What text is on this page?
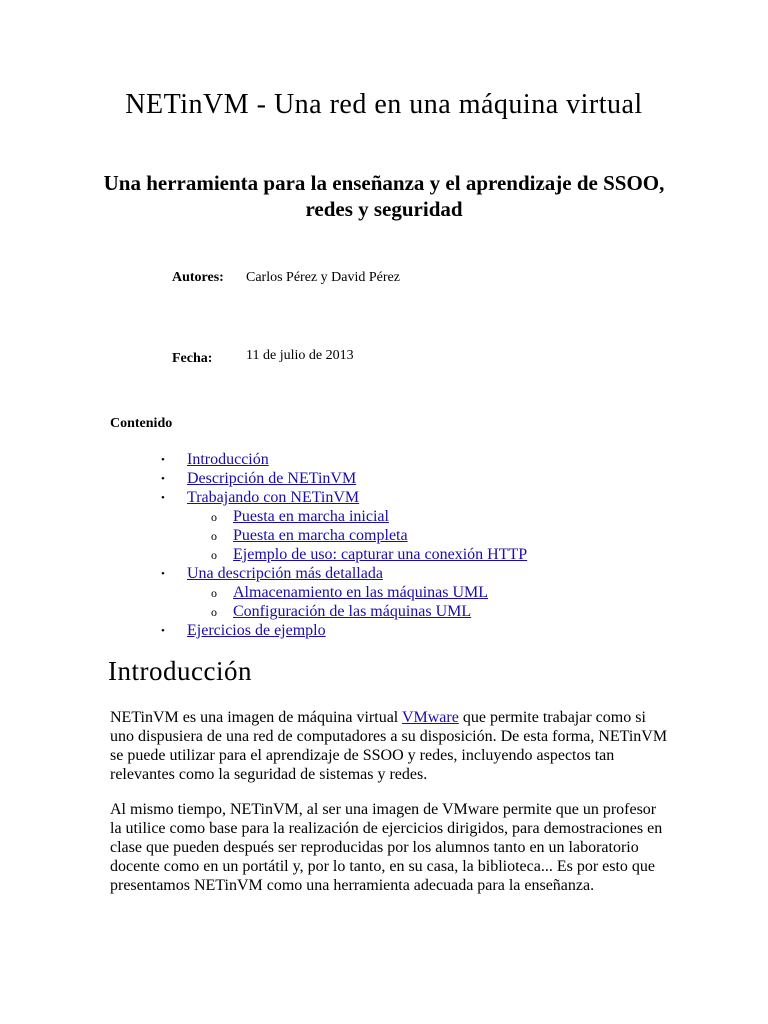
NETinVM - Una red en una máquina virtual
Una herramienta para la enseñanza y el aprendizaje de SSOO, redes y seguridad
Autores: Carlos Pérez y David Pérez
Fecha: 11 de julio de 2013
Contenido
• Introducción
• Descripción de NETinVM
• Trabajando con NETinVM
o Puesta en marcha inicial
o Puesta en marcha completa
o Ejemplo de uso: capturar una conexión HTTP
• Una descripción más detallada
o Almacenamiento en las máquinas UML
o Configuración de las máquinas UML
• Ejercicios de ejemplo
Introducción

NETinVM es una imagen de máquina virtual VMware que permite trabajar como si uno dispusiera de una red de computadores a su disposición. De esta forma, NETinVM se puede utilizar para el aprendizaje de SSOO y redes, incluyendo aspectos tan relevantes como la seguridad de sistemas y redes.

Al mismo tiempo, NETinVM, al ser una imagen de VMware permite que un profesor la utilice como base para la realización de ejercicios dirigidos, para demostraciones en clase que pueden después ser reproducidas por los alumnos tanto en un laboratorio docente como en un portátil y, por lo tanto, en su casa, la biblioteca... Es por esto que presentamos NETinVM como una herramienta adecuada para la enseñanza.
